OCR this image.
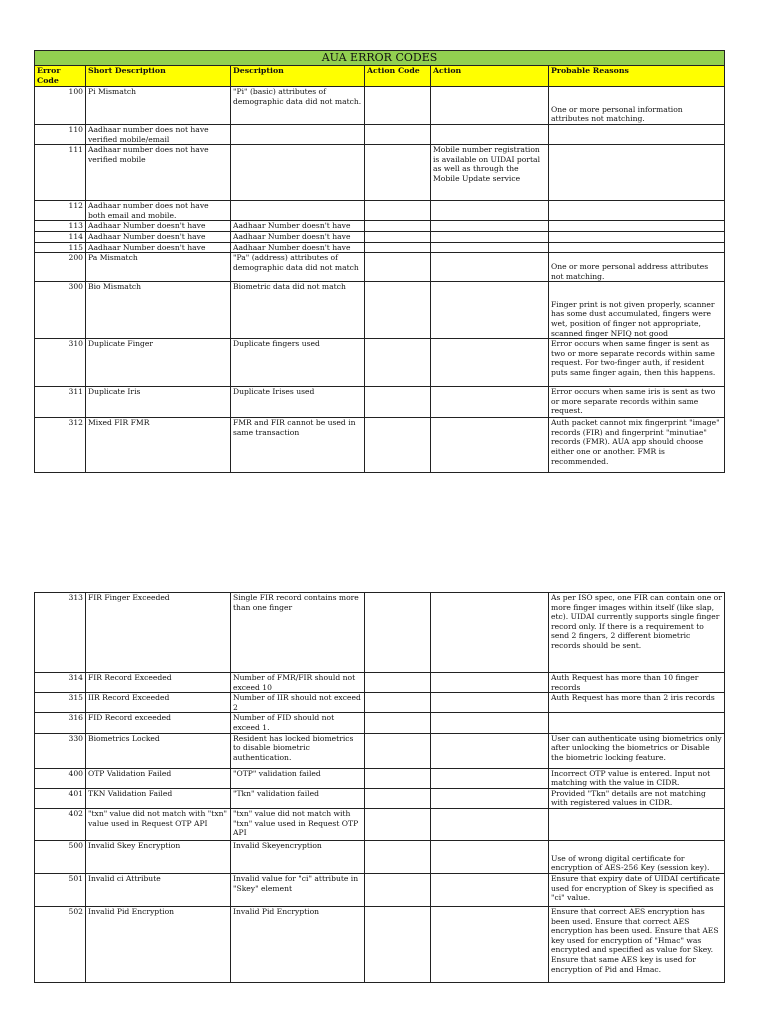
AUA ERROR CODES					
Error Code	Short Description	Description	Action Code	Action	Probable Reasons
100	Pi Mismatch	"Pi" (basic) attributes of demographic data did not match.			One or more personal information attributes not matching.
110	Aadhaar number does not have verified mobile/email				
111	Aadhaar number does not have verified mobile			Mobile number registration is available on UIDAI portal as well as through the Mobile Update service	
112	Aadhaar number does not have both email and mobile.				
113	Aadhaar Number doesn't have	Aadhaar Number doesn't have			
114	Aadhaar Number doesn't have	Aadhaar Number doesn't have			
115	Aadhaar Number doesn't have	Aadhaar Number doesn't have			
200	Pa Mismatch	"Pa" (address) attributes of demographic data did not match			One or more personal address attributes not matching.
300	Bio Mismatch	Biometric data did not match			Finger print is not given properly, scanner has some dust accumulated, fingers were wet, position of finger not appropriate, scanned finger NFIQ not good
310	Duplicate Finger	Duplicate fingers used			Error occurs when same finger is sent as two or more separate records within same request. For two-finger auth, if resident puts same finger again, then this happens.
311	Duplicate Iris	Duplicate Irises used			Error occurs when same iris is sent as two or more separate records within same request.
312	Mixed FIR FMR	FMR and FIR cannot be used in same transaction			Auth packet cannot mix fingerprint "image" records (FIR) and fingerprint "minutiae" records (FMR). AUA app should choose either one or another. FMR is recommended.
313	FIR Finger Exceeded	Single FIR record contains more than one finger			As per ISO spec, one FIR can contain one or more finger images within itself (like slap, etc). UIDAI currently supports single finger record only. If there is a requirement to send 2 fingers, 2 different biometric records should be sent.
314	FIR Record Exceeded	Number of FMR/FIR should not exceed 10			Auth Request has more than 10 finger records
315	IIR Record Exceeded	Number of IIR should not exceed 2			Auth Request has more than 2 iris records
316	FID Record exceeded	Number of FID should not exceed 1.			
330	Biometrics Locked	Resident has locked biometrics to disable biometric authentication.			User can authenticate using biometrics only after unlocking the biometrics or Disable the biometric locking feature.
400	OTP Validation Failed	"OTP" validation failed			Incorrect OTP value is entered. Input not matching with the value in CIDR.
401	TKN Validation Failed	"Tkn" validation failed			Provided "Tkn" details are not matching with registered values in CIDR.
402	"txn" value did not match with "txn" value used in Request OTP API	"txn" value did not match with "txn" value used in Request OTP API			
500	Invalid Skey Encryption	Invalid Skeyencryption			Use of wrong digital certificate for encryption of AES-256 Key (session key).
501	Invalid ci Attribute	Invalid value for "ci" attribute in "Skey" element			Ensure that expiry date of UIDAI certificate used for encryption of Skey is specified as "ci" value.
502	Invalid Pid Encryption	Invalid Pid Encryption			Ensure that correct AES encryption has been used. Ensure that correct AES encryption has been used. Ensure that AES key used for encryption of "Hmac" was encrypted and specified as value for Skey. Ensure that same AES key is used for encryption of Pid and Hmac.
